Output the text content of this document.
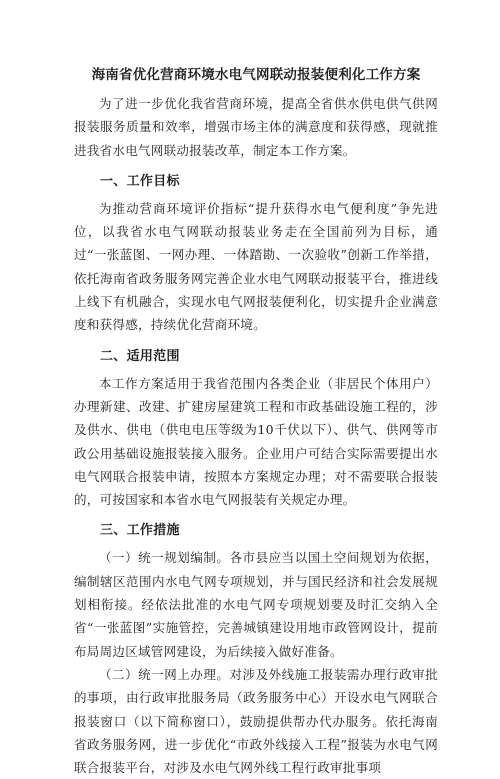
海南省优化营商环境水电气网联动报装便利化工作方案

为了进一步优化我省营商环境，提高全省供水供电供气供网报装服务质量和效率，增强市场主体的满意度和获得感，现就推进我省水电气网联动报装改革，制定本工作方案。

一、工作目标

为推动营商环境评价指标“提升获得水电气便利度”争先进位，以我省水电气网联动报装业务走在全国前列为目标，通过“一张蓝图、一网办理、一体踏勘、一次验收”创新工作举措，依托海南省政务服务网完善企业水电气网联动报装平台，推进线上线下有机融合，实现水电气网报装便利化，切实提升企业满意度和获得感，持续优化营商环境。

二、适用范围

本工作方案适用于我省范围内各类企业（非居民个体用户）办理新建、改建、扩建房屋建筑工程和市政基础设施工程的，涉及供水、供电（供电电压等级为10千伏以下）、供气、供网等市政公用基础设施报装接入服务。企业用户可结合实际需要提出水电气网联合报装申请，按照本方案规定办理；对不需要联合报装的，可按国家和本省水电气网报装有关规定办理。

三、工作措施

（一）统一规划编制。各市县应当以国土空间规划为依据，编制辖区范围内水电气网专项规划，并与国民经济和社会发展规划相衔接。经依法批准的水电气网专项规划要及时汇交纳入全省“一张蓝图”实施管控，完善城镇建设用地市政管网设计，提前布局周边区域管网建设，为后续接入做好准备。

（二）统一网上办理。对涉及外线施工报装需办理行政审批的事项，由行政审批服务局（政务服务中心）开设水电气网联合报装窗口（以下简称窗口），鼓励提供帮办代办服务。依托海南省政务服务网，进一步优化“市政外线接入工程”报装为水电气网联合报装平台，对涉及水电气网外线工程行政审批事项
